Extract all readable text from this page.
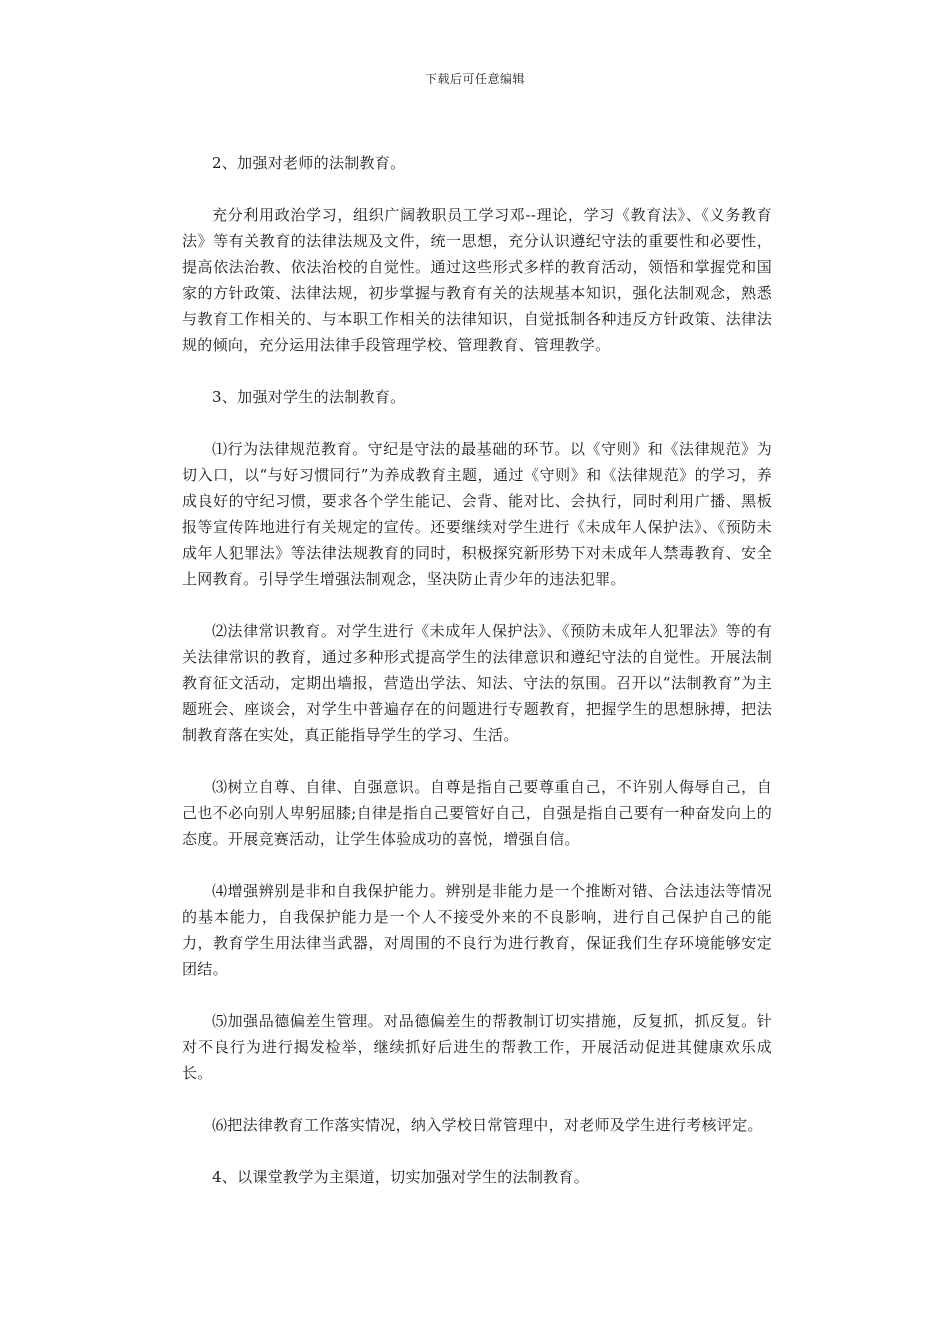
下载后可任意编辑

2、加强对老师的法制教育。

充分利用政治学习，组织广阔教职员工学习邓--理论，学习《教育法》、《义务教育法》等有关教育的法律法规及文件，统一思想，充分认识遵纪守法的重要性和必要性，提高依法治教、依法治校的自觉性。通过这些形式多样的教育活动，领悟和掌握党和国家的方针政策、法律法规，初步掌握与教育有关的法规基本知识，强化法制观念，熟悉与教育工作相关的、与本职工作相关的法律知识，自觉抵制各种违反方针政策、法律法规的倾向，充分运用法律手段管理学校、管理教育、管理教学。

3、加强对学生的法制教育。

⑴行为法律规范教育。守纪是守法的最基础的环节。以《守则》和《法律规范》为切入口，以“与好习惯同行”为养成教育主题，通过《守则》和《法律规范》的学习，养成良好的守纪习惯，要求各个学生能记、会背、能对比、会执行，同时利用广播、黑板报等宣传阵地进行有关规定的宣传。还要继续对学生进行《未成年人保护法》、《预防未成年人犯罪法》等法律法规教育的同时，积极探究新形势下对未成年人禁毒教育、安全上网教育。引导学生增强法制观念，坚决防止青少年的违法犯罪。

⑵法律常识教育。对学生进行《未成年人保护法》、《预防未成年人犯罪法》等的有关法律常识的教育，通过多种形式提高学生的法律意识和遵纪守法的自觉性。开展法制教育征文活动，定期出墙报，营造出学法、知法、守法的氛围。召开以“法制教育”为主题班会、座谈会，对学生中普遍存在的问题进行专题教育，把握学生的思想脉搏，把法制教育落在实处，真正能指导学生的学习、生活。

⑶树立自尊、自律、自强意识。自尊是指自己要尊重自己，不许别人侮辱自己，自己也不必向别人卑躬屈膝;自律是指自己要管好自己，自强是指自己要有一种奋发向上的态度。开展竞赛活动，让学生体验成功的喜悦，增强自信。

⑷增强辨别是非和自我保护能力。辨别是非能力是一个推断对错、合法违法等情况的基本能力，自我保护能力是一个人不接受外来的不良影响，进行自己保护自己的能力，教育学生用法律当武器，对周围的不良行为进行教育，保证我们生存环境能够安定团结。

⑸加强品德偏差生管理。对品德偏差生的帮教制订切实措施，反复抓，抓反复。针对不良行为进行揭发检举，继续抓好后进生的帮教工作，开展活动促进其健康欢乐成长。

⑹把法律教育工作落实情况，纳入学校日常管理中，对老师及学生进行考核评定。

4、以课堂教学为主渠道，切实加强对学生的法制教育。
